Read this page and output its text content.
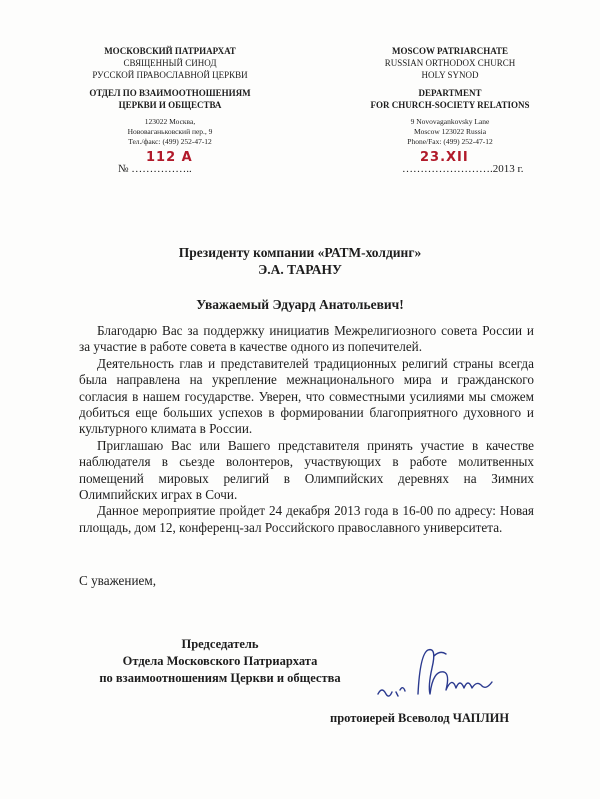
МОСКОВСКИЙ ПАТРИАРХАТ
СВЯЩЕННЫЙ СИНОД
РУССКОЙ ПРАВОСЛАВНОЙ ЦЕРКВИ
ОТДЕЛ ПО ВЗАИМООТНОШЕНИЯМ
ЦЕРКВИ И ОБЩЕСТВА
123022 Москва,
Нововаганьковский пер., 9
Тел./факс: (499) 252-47-12
MOSCOW PATRIARCHATE
RUSSIAN ORTHODOX CHURCH
HOLY SYNOD
DEPARTMENT
FOR CHURCH-SOCIETY RELATIONS
9 Novovagankovsky Lane
Moscow 123022 Russia
Phone/Fax: (499) 252-47-12
№ ……………..
112 A
…………………….2013 г.
23.XII
Президенту компании «РАТМ-холдинг»
Э.А. ТАРАНУ
Уважаемый Эдуард Анатольевич!

Благодарю Вас за поддержку инициатив Межрелигиозного совета России и за участие в работе совета в качестве одного из попечителей.

Деятельность глав и представителей традиционных религий страны всегда была направлена на укрепление межнационального мира и гражданского согласия в нашем государстве. Уверен, что совместными усилиями мы сможем добиться еще больших успехов в формировании благоприятного духовного и культурного климата в России.

Приглашаю Вас или Вашего представителя принять участие в качестве наблюдателя в сьезде волонтеров, участвующих в работе молитвенных помещений мировых религий в Олимпийских деревнях на Зимних Олимпийских играх в Сочи.

Данное мероприятие пройдет 24 декабря 2013 года в 16-00 по адресу: Новая площадь, дом 12, конференц-зал Российского православного университета.

С уважением,
Председатель
Отдела Московского Патриархата
по взаимоотношениям Церкви и общества
протоиерей Всеволод ЧАПЛИН
